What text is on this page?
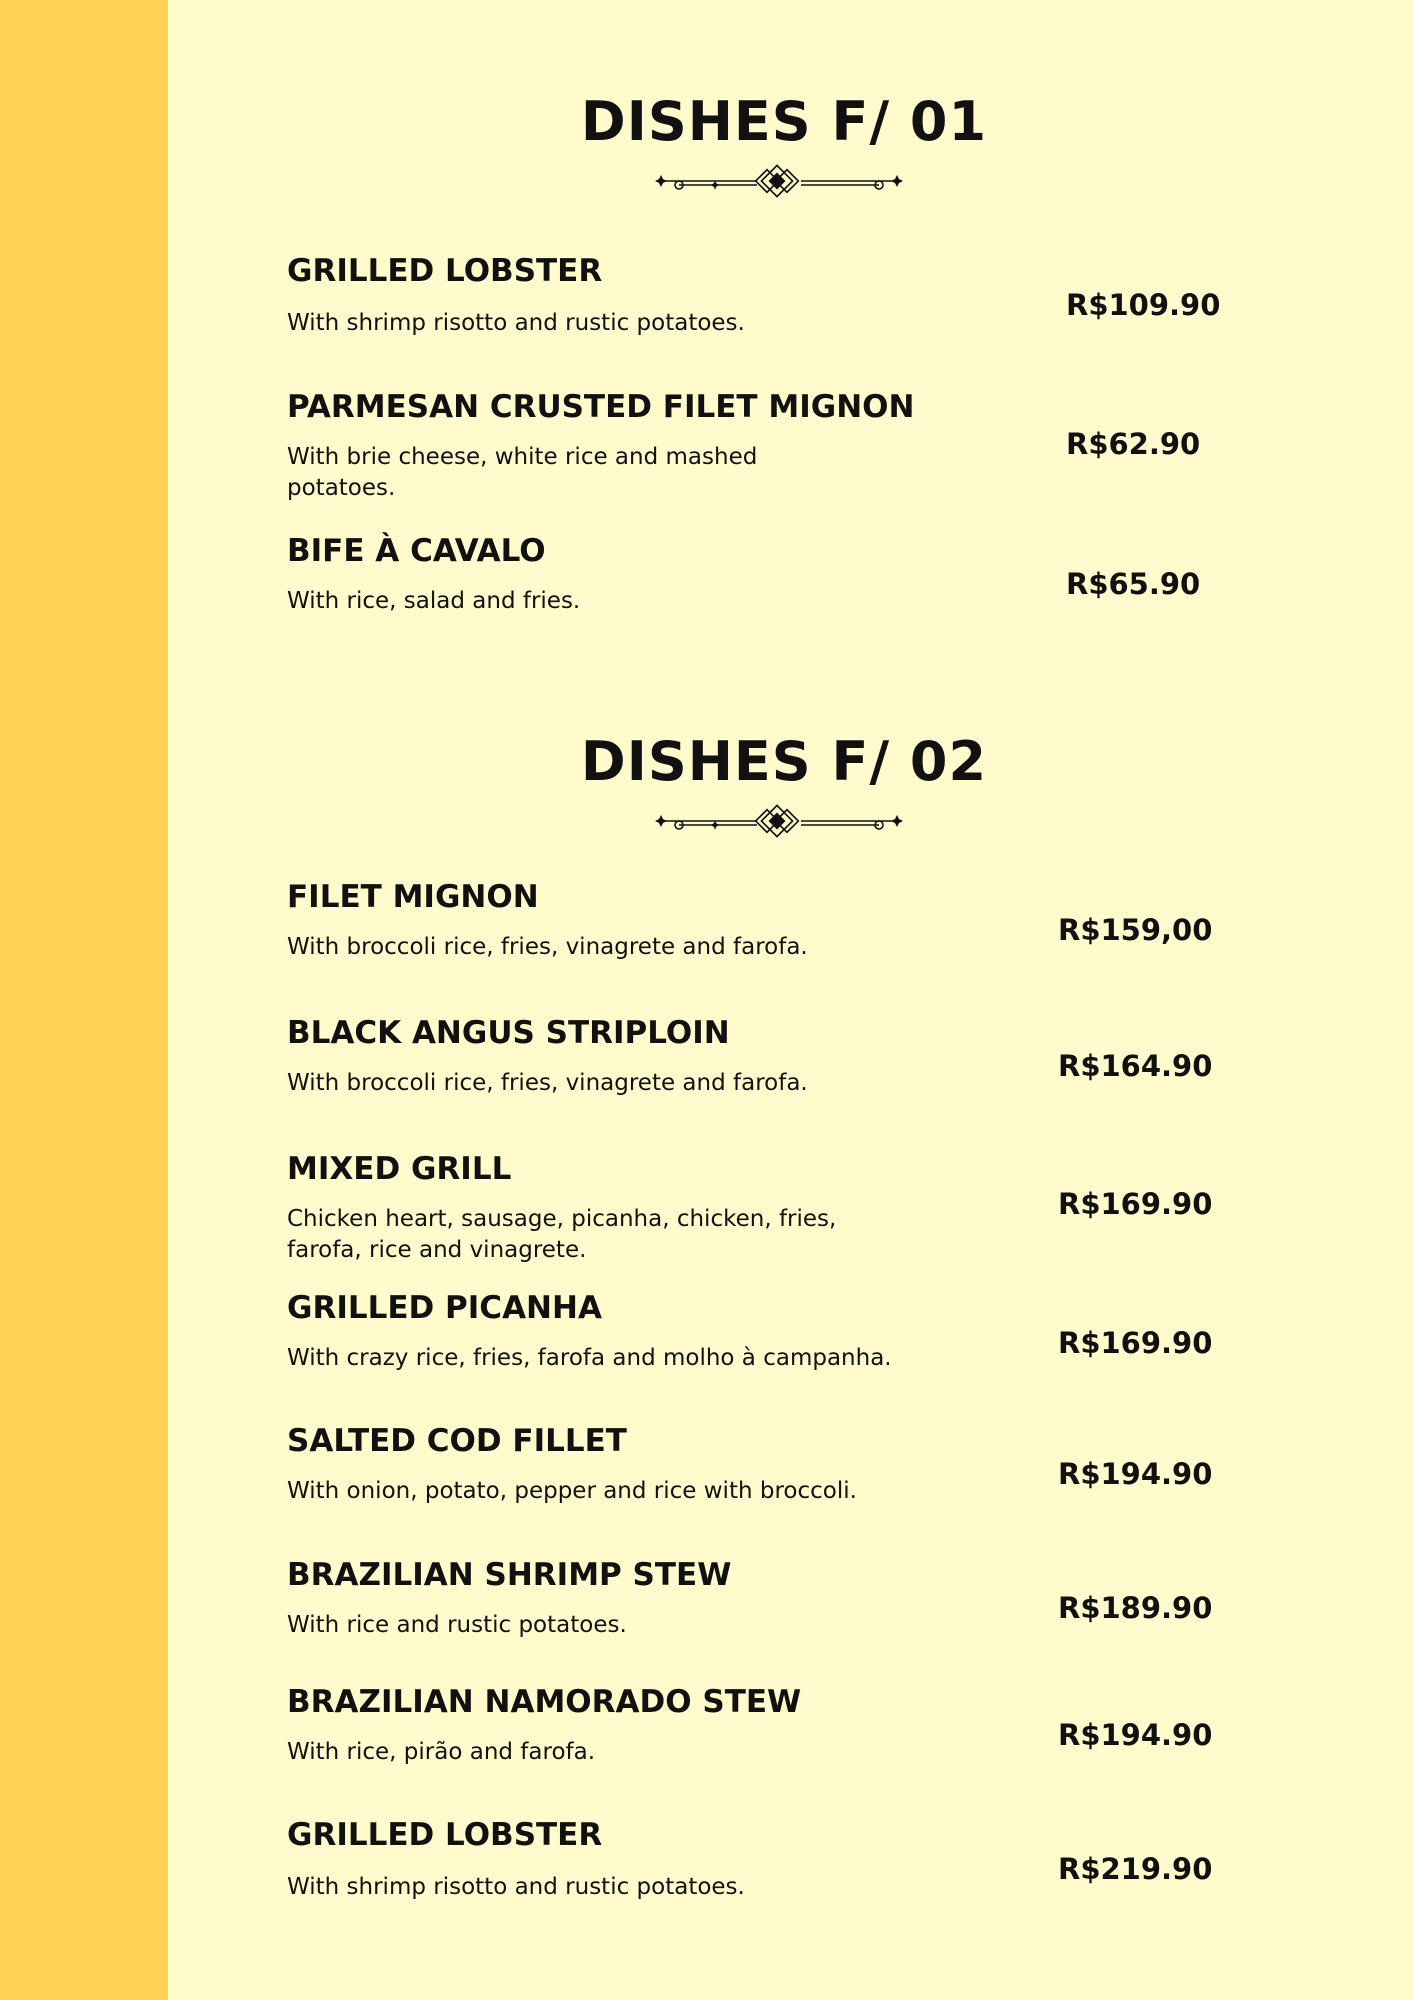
DISHES F/ 01
GRILLED LOBSTER

With shrimp risotto and rustic potatoes.

R$109.90
PARMESAN CRUSTED FILET MIGNON

With brie cheese, white rice and mashed potatoes.

R$62.90
BIFE À CAVALO

With rice, salad and fries.	R$65.90
DISHES F/ 02
FILET MIGNON

With broccoli rice, fries, vinagrete and farofa.	R$159,00
BLACK ANGUS STRIPLOIN

With broccoli rice, fries, vinagrete and farofa.	R$164.90
MIXED GRILL

Chicken heart, sausage, picanha, chicken, fries, farofa, rice and vinagrete.

R$169.90
GRILLED PICANHA

With crazy rice, fries, farofa and molho à campanha.	R$169.90
SALTED COD FILLET

With onion, potato, pepper and rice with broccoli.	R$194.90
BRAZILIAN SHRIMP STEW

With rice and rustic potatoes.	R$189.90
BRAZILIAN NAMORADO STEW

With rice, pirão and farofa.	R$194.90
GRILLED LOBSTER

With shrimp risotto and rustic potatoes.

R$219.90
